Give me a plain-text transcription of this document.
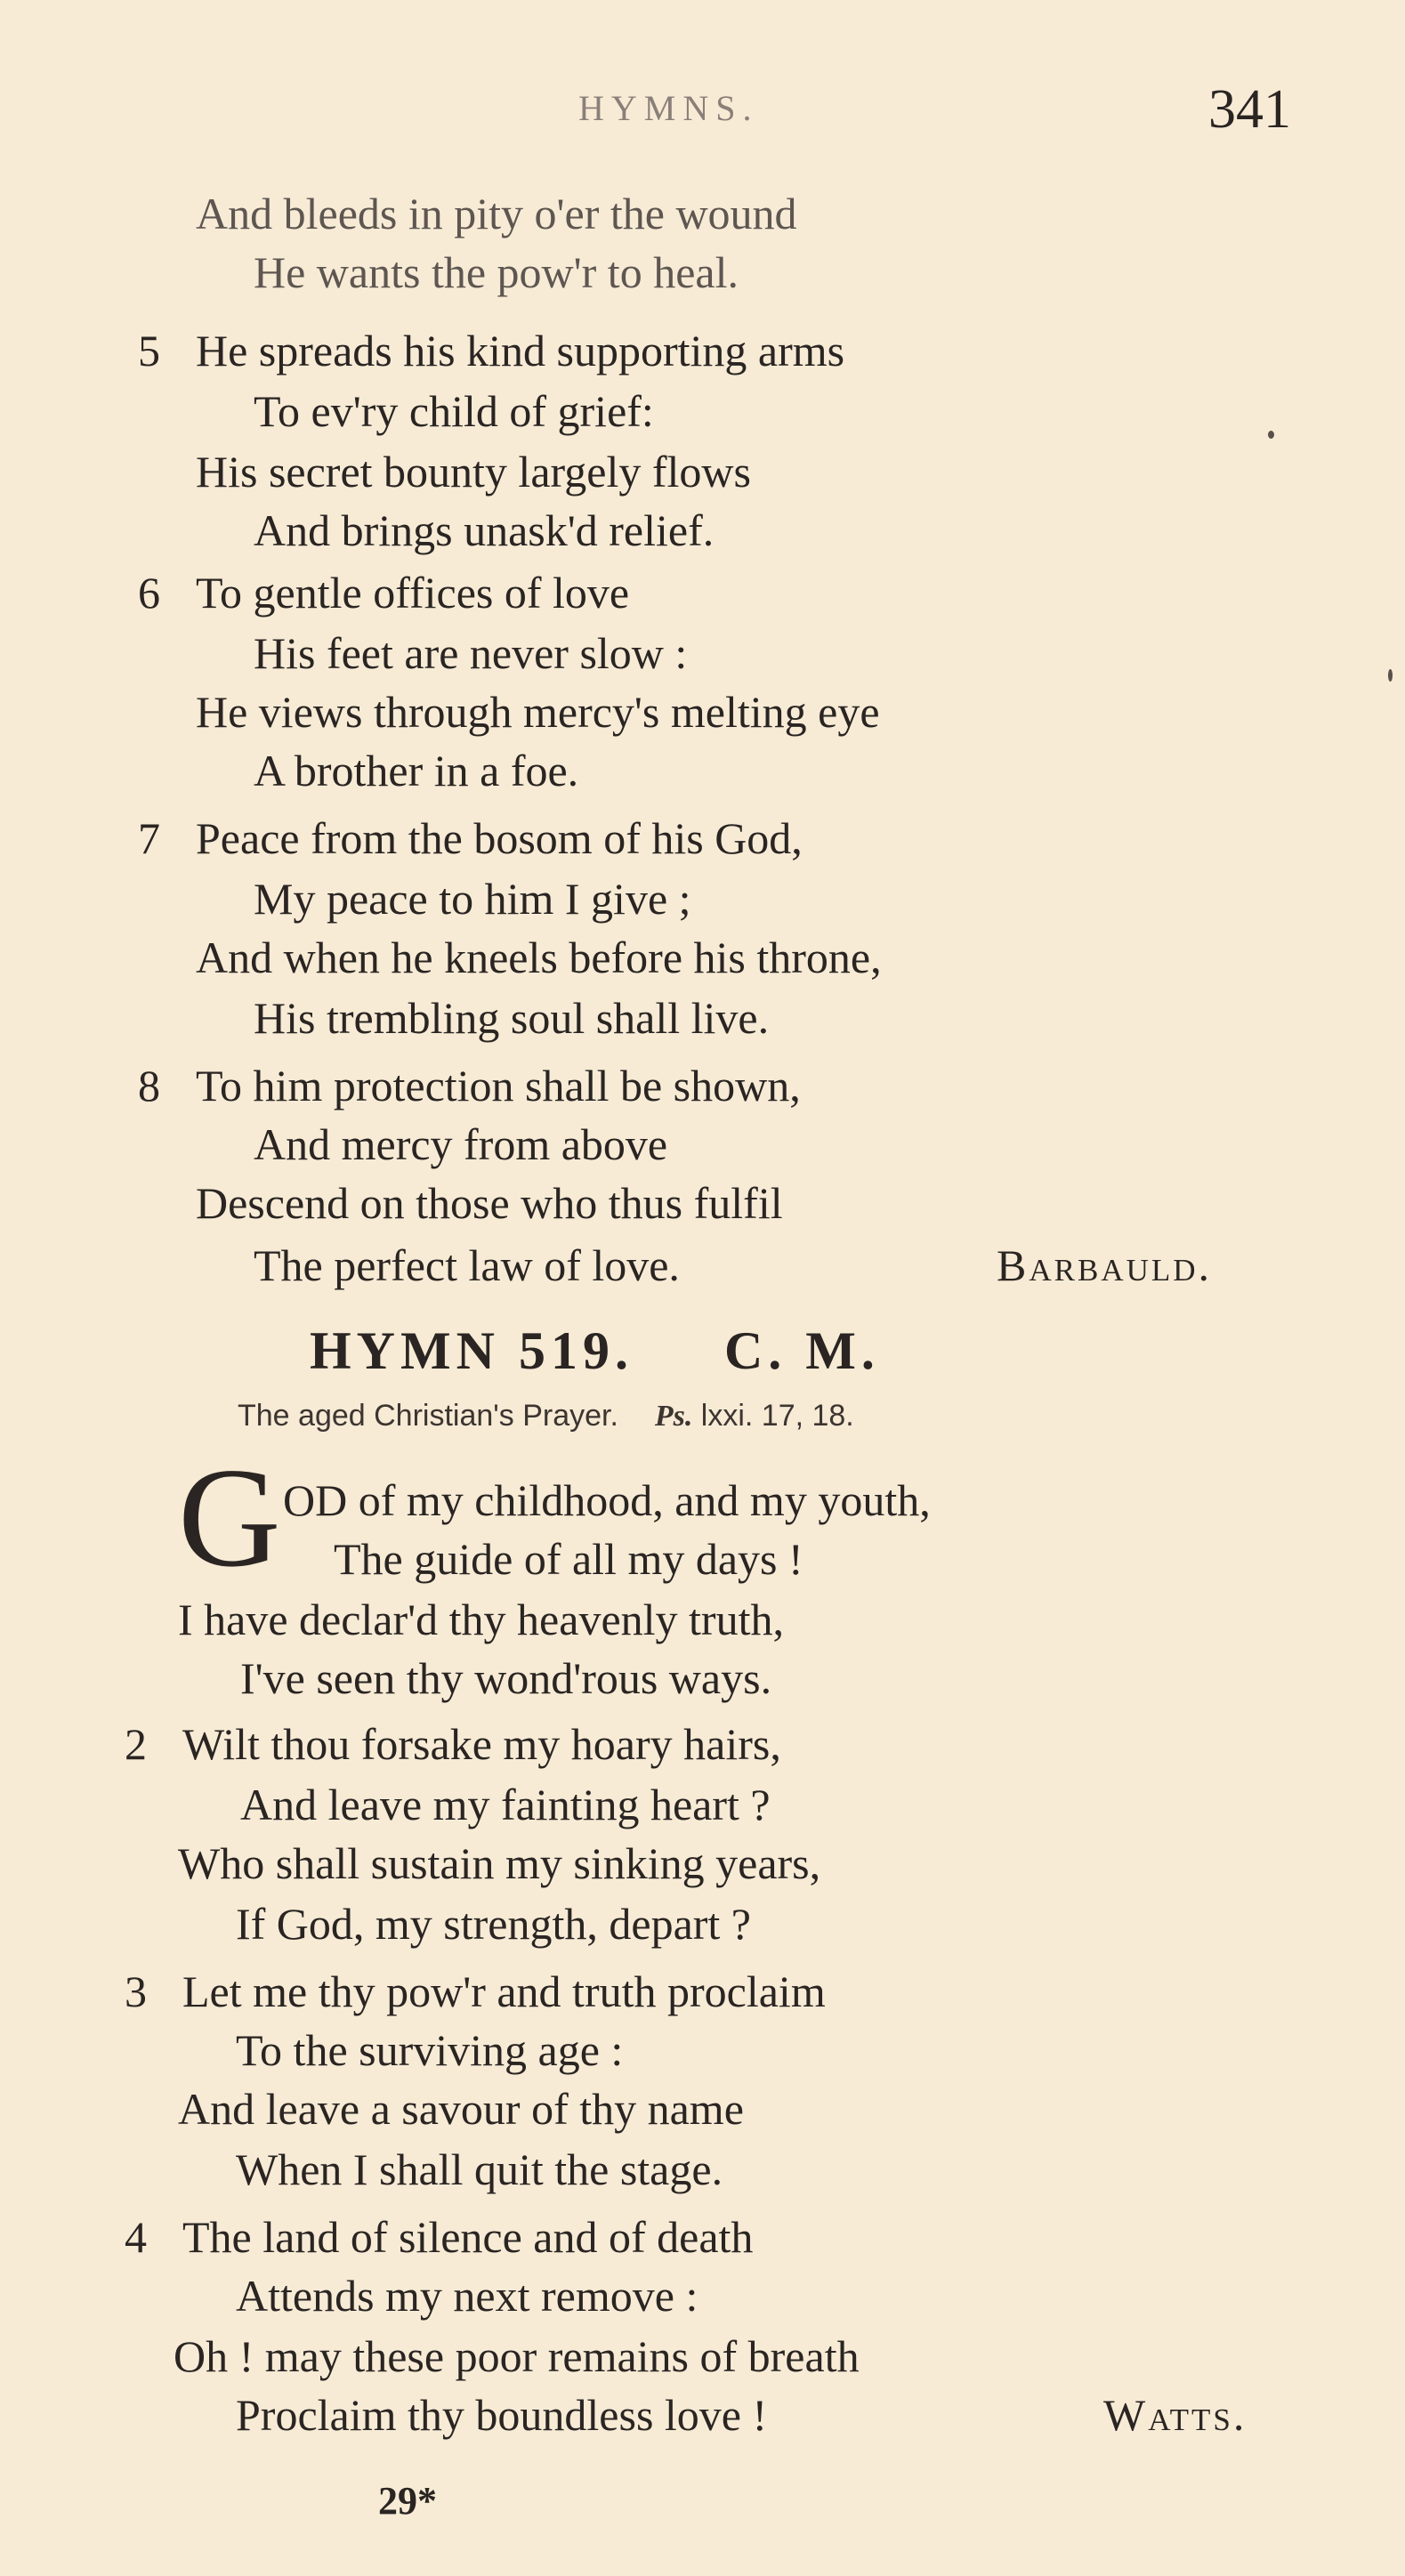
HYMNS.	341
And bleeds in pity o'er the wound
He wants the pow'r to heal.
5 He spreads his kind supporting arms
To ev'ry child of grief:
His secret bounty largely flows
And brings unask'd relief.
6 To gentle offices of love
His feet are never slow :
He views through mercy's melting eye
A brother in a foe.
7 Peace from the bosom of his God,
My peace to him I give ;
And when he kneels before his throne,
His trembling soul shall live.
8 To him protection shall be shown,
And mercy from above
Descend on those who thus fulfil
The perfect law of love.	Barbauld.
HYMN 519. C. M.
The aged Christian's Prayer. Ps. lxxi. 17, 18.
G OD of my childhood, and my youth,
The guide of all my days !
I have declar'd thy heavenly truth,
I've seen thy wond'rous ways.
2 Wilt thou forsake my hoary hairs,
And leave my fainting heart ?
Who shall sustain my sinking years,
If God, my strength, depart ?
3 Let me thy pow'r and truth proclaim
To the surviving age :
And leave a savour of thy name
When I shall quit the stage.
4 The land of silence and of death
Attends my next remove :
Oh ! may these poor remains of breath
Proclaim thy boundless love !	Watts.
29*
